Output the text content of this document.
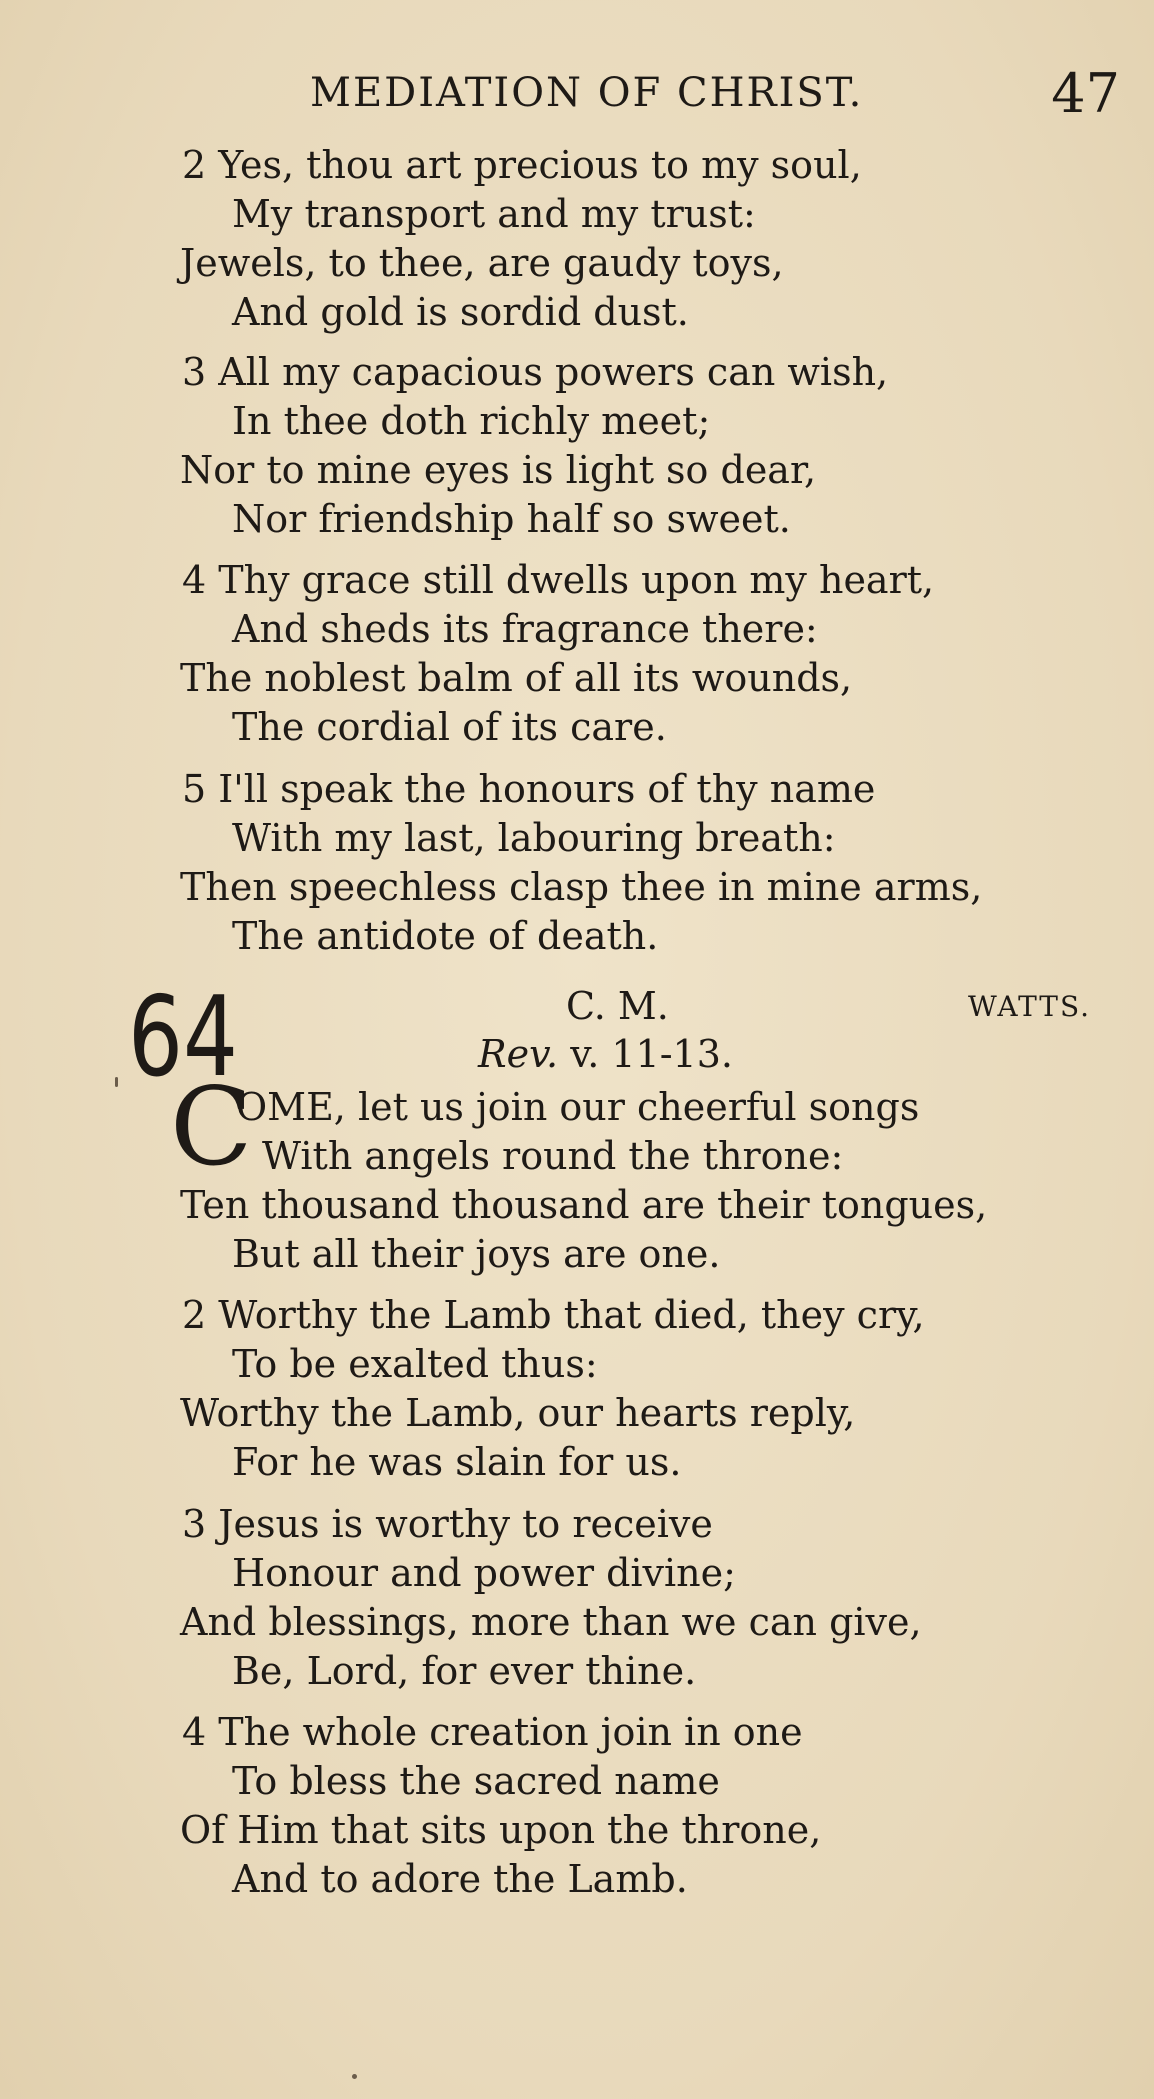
MEDIATION OF CHRIST.	47
2 Yes, thou art precious to my soul,
My transport and my trust:
Jewels, to thee, are gaudy toys,
And gold is sordid dust.
3 All my capacious powers can wish,
In thee doth richly meet;
Nor to mine eyes is light so dear,
Nor friendship half so sweet.
4 Thy grace still dwells upon my heart,
And sheds its fragrance there:
The noblest balm of all its wounds,
The cordial of its care.
5 I'll speak the honours of thy name
With my last, labouring breath:
Then speechless clasp thee in mine arms,
The antidote of death.
64	C. M.	WATTS.
Rev. v. 11-13.
C
OME, let us join our cheerful songs
With angels round the throne:
Ten thousand thousand are their tongues,
But all their joys are one.
2 Worthy the Lamb that died, they cry,
To be exalted thus:
Worthy the Lamb, our hearts reply,
For he was slain for us.
3 Jesus is worthy to receive
Honour and power divine;
And blessings, more than we can give,
Be, Lord, for ever thine.
4 The whole creation join in one
To bless the sacred name
Of Him that sits upon the throne,
And to adore the Lamb.
